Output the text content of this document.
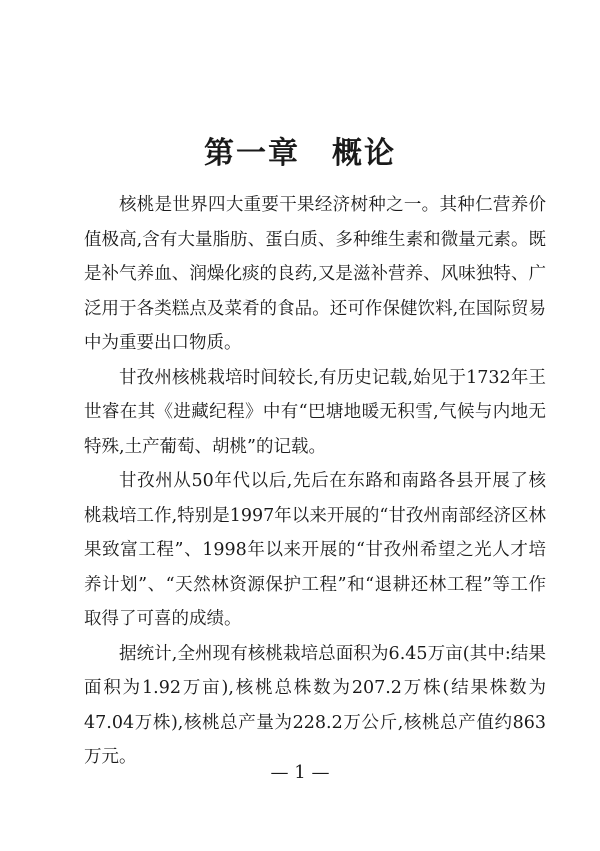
第一章　概论

核桃是世界四大重要干果经济树种之一。其种仁营养价值极高,含有大量脂肪、蛋白质、多种维生素和微量元素。既是补气养血、润燥化痰的良药,又是滋补营养、风味独特、广泛用于各类糕点及菜肴的食品。还可作保健饮料,在国际贸易中为重要出口物质。

甘孜州核桃栽培时间较长,有历史记载,始见于1732年王世睿在其《进藏纪程》中有“巴塘地暖无积雪,气候与内地无特殊,土产葡萄、胡桃”的记载。

甘孜州从50年代以后,先后在东路和南路各县开展了核桃栽培工作,特别是1997年以来开展的“甘孜州南部经济区林果致富工程”、1998年以来开展的“甘孜州希望之光人才培养计划”、“天然林资源保护工程”和“退耕还林工程”等工作取得了可喜的成绩。

据统计,全州现有核桃栽培总面积为6.45万亩(其中:结果面积为1.92万亩),核桃总株数为207.2万株(结果株数为47.04万株),核桃总产量为228.2万公斤,核桃总产值约863万元。

— 1 —
